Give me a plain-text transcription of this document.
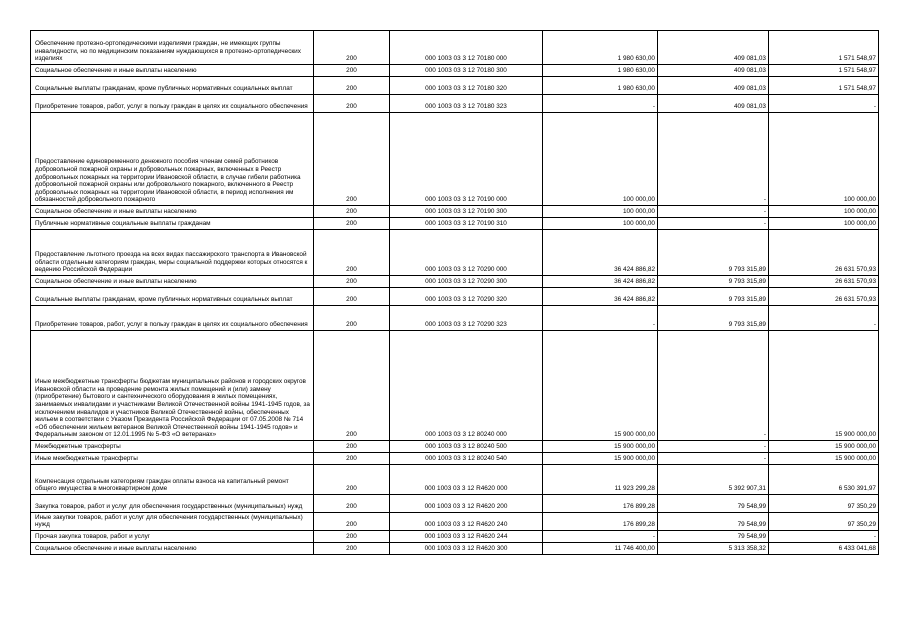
Обеспечение протезно-ортопедическими изделиями граждан, не имеющих группы инвалидности, но по медицинским показаниям нуждающихся в протезно-ортопедических изделиях	200	000 1003 03 3 12 70180 000	1 980 630,00	409 081,03	1 571 548,97
Социальное обеспечение и иные выплаты населению	200	000 1003 03 3 12 70180 300	1 980 630,00	409 081,03	1 571 548,97
Социальные выплаты гражданам, кроме публичных нормативных социальных выплат	200	000 1003 03 3 12 70180 320	1 980 630,00	409 081,03	1 571 548,97
Приобретение товаров, работ, услуг в пользу граждан в целях их социального обеспечения	200	000 1003 03 3 12 70180 323	-	409 081,03	-
Предоставление единовременного денежного пособия членам семей работников добровольной пожарной охраны и добровольных пожарных, включенных в Реестр добровольных пожарных на территории Ивановской области, в случае гибели работника добровольной пожарной охраны или добровольного пожарного, включенного в Реестр добровольных пожарных на территории Ивановской области, в период исполнения им обязанностей добровольного пожарного	200	000 1003 03 3 12 70190 000	100 000,00	-	100 000,00
Социальное обеспечение и иные выплаты населению	200	000 1003 03 3 12 70190 300	100 000,00	-	100 000,00
Публичные нормативные социальные выплаты гражданам	200	000 1003 03 3 12 70190 310	100 000,00	-	100 000,00
Предоставление льготного проезда на всех видах пассажирского транспорта в Ивановской области отдельным категориям граждан, меры социальной поддержки которых относятся к ведению Российской Федерации	200	000 1003 03 3 12 70290 000	36 424 886,82	9 793 315,89	26 631 570,93
Социальное обеспечение и иные выплаты населению	200	000 1003 03 3 12 70290 300	36 424 886,82	9 793 315,89	26 631 570,93
Социальные выплаты гражданам, кроме публичных нормативных социальных выплат	200	000 1003 03 3 12 70290 320	36 424 886,82	9 793 315,89	26 631 570,93
Приобретение товаров, работ, услуг в пользу граждан в целях их социального обеспечения	200	000 1003 03 3 12 70290 323	-	9 793 315,89	-
Иные межбюджетные трансферты бюджетам муниципальных районов и городских округов Ивановской области на проведение ремонта жилых помещений и (или) замену (приобретение) бытового и сантехнического оборудования в жилых помещениях, занимаемых инвалидами и участниками Великой Отечественной войны 1941-1945 годов, за исключением инвалидов и участников Великой Отечественной войны, обеспеченных жильем в соответствии с Указом Президента Российской Федерации от 07.05.2008 № 714 «Об обеспечении жильем ветеранов Великой Отечественной войны 1941-1945 годов» и Федеральным законом от 12.01.1995 № 5-ФЗ «О ветеранах»	200	000 1003 03 3 12 80240 000	15 900 000,00	-	15 900 000,00
Межбюджетные трансферты	200	000 1003 03 3 12 80240 500	15 900 000,00	-	15 900 000,00
Иные межбюджетные трансферты	200	000 1003 03 3 12 80240 540	15 900 000,00	-	15 900 000,00
Компенсация отдельным категориям граждан оплаты взноса на капитальный ремонт общего имущества в многоквартирном доме	200	000 1003 03 3 12 R4620 000	11 923 299,28	5 392 907,31	6 530 391,97
Закупка товаров, работ и услуг для обеспечения государственных (муниципальных) нужд	200	000 1003 03 3 12 R4620 200	176 899,28	79 548,99	97 350,29
Иные закупки товаров, работ и услуг для обеспечения государственных (муниципальных) нужд	200	000 1003 03 3 12 R4620 240	176 899,28	79 548,99	97 350,29
Прочая закупка товаров, работ и услуг	200	000 1003 03 3 12 R4620 244	-	79 548,99	-
Социальное обеспечение и иные выплаты населению	200	000 1003 03 3 12 R4620 300	11 746 400,00	5 313 358,32	6 433 041,68
